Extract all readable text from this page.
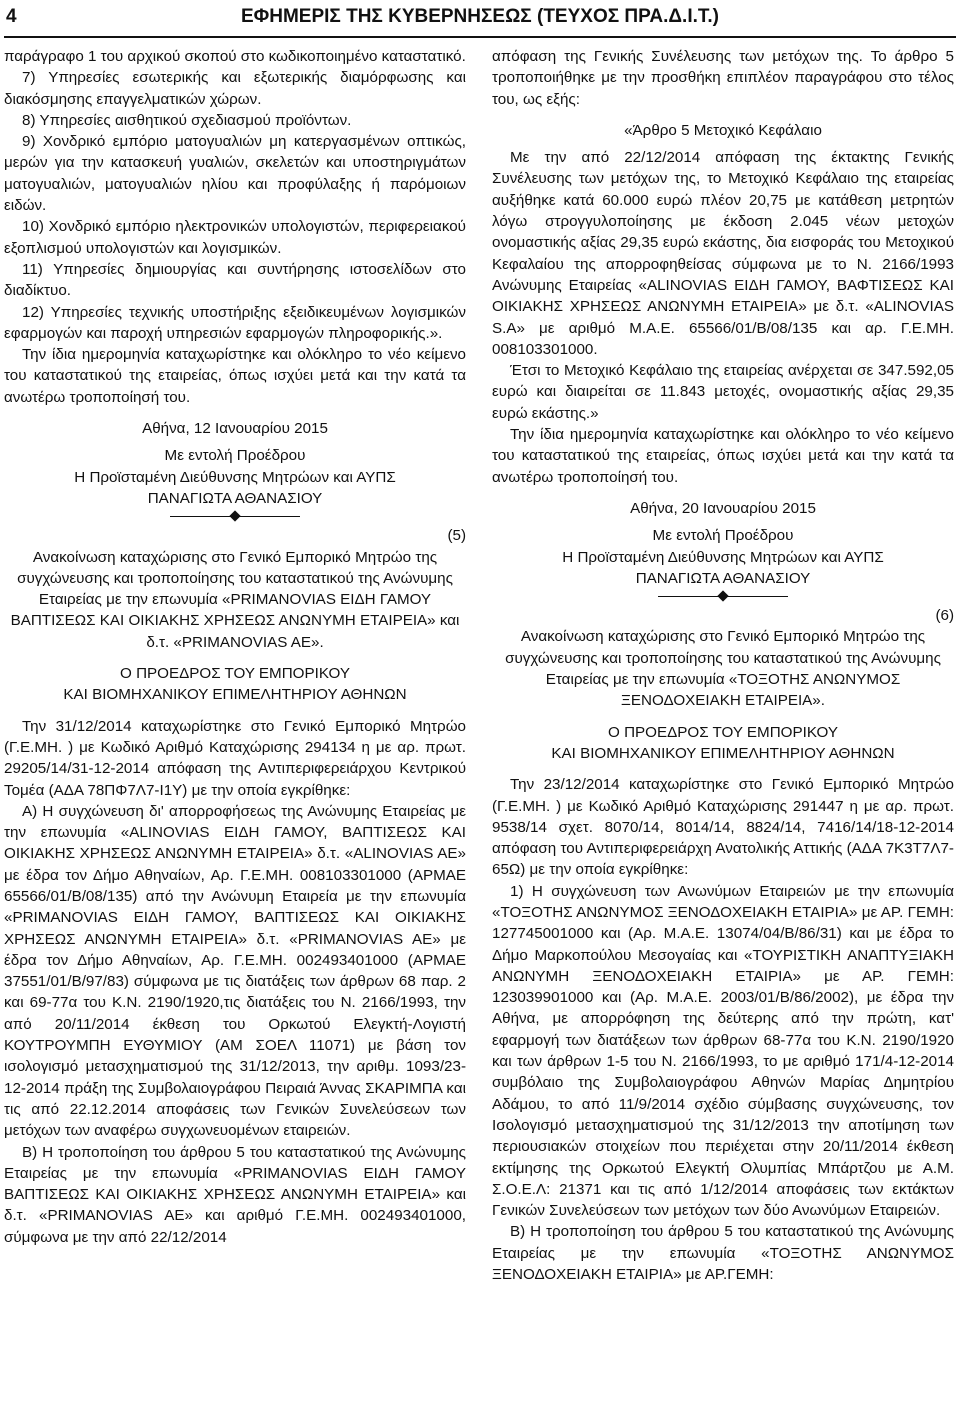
4	ΕΦΗΜΕΡΙΣ ΤΗΣ ΚΥΒΕΡΝΗΣΕΩΣ (ΤΕΥΧΟΣ ΠΡΑ.Δ.Ι.Τ.)

παράγραφο 1 του αρχικού σκοπού στο κωδικοποιημένο καταστατικό.

7) Υπηρεσίες εσωτερικής και εξωτερικής διαμόρφωσης και διακόσμησης επαγγελματικών χώρων.

8) Υπηρεσίες αισθητικού σχεδιασμού προϊόντων.

9) Χονδρικό εμπόριο ματογυαλιών μη κατεργασμένων οπτικώς, μερών για την κατασκευή γυαλιών, σκελετών και υποστηριγμάτων ματογυαλιών, ματογυαλιών ηλίου και προφύλαξης ή παρόμοιων ειδών.

10) Χονδρικό εμπόριο ηλεκτρονικών υπολογιστών, περιφερειακού εξοπλισμού υπολογιστών και λογισμικών.

11) Υπηρεσίες δημιουργίας και συντήρησης ιστοσελίδων στο διαδίκτυο.

12) Υπηρεσίες τεχνικής υποστήριξης εξειδικευμένων λογισμικών εφαρμογών και παροχή υπηρεσιών εφαρμογών πληροφορικής.».

Την ίδια ημερομηνία καταχωρίστηκε και ολόκληρο το νέο κείμενο του καταστατικού της εταιρείας, όπως ισχύει μετά και την κατά τα ανωτέρω τροποποίησή του.

Αθήνα, 12 Ιανουαρίου 2015

Με εντολή Προέδρου

Η Προϊσταμένη Διεύθυνσης Μητρώων και ΑΥΠΣ

ΠΑΝΑΓΙΩΤΑ ΑΘΑΝΑΣΙΟΥ

(5)

Ανακοίνωση καταχώρισης στο Γενικό Εμπορικό Μητρώο της συγχώνευσης και τροποποίησης του καταστατικού της Ανώνυμης Εταιρείας με την επωνυμία «PRIMANOVIAS ΕΙΔΗ ΓΑΜΟΥ ΒΑΠΤΙΣΕΩΣ ΚΑΙ ΟΙΚΙΑΚΗΣ ΧΡΗΣΕΩΣ ΑΝΩΝΥΜΗ ΕΤΑΙΡΕΙΑ» και δ.τ. «PRIMANOVIAS AE».

Ο ΠΡΟΕΔΡΟΣ ΤΟΥ ΕΜΠΟΡΙΚΟΥ

ΚΑΙ ΒΙΟΜΗΧΑΝΙΚΟΥ ΕΠΙΜΕΛΗΤΗΡΙΟΥ ΑΘΗΝΩΝ

Την 31/12/2014 καταχωρίστηκε στο Γενικό Εμπορικό Μητρώο (Γ.Ε.ΜΗ. ) με Κωδικό Αριθμό Καταχώρισης 294134 η με αρ. πρωτ. 29205/14/31-12-2014 απόφαση της Αντιπεριφερειάρχου Κεντρικού Τομέα (ΑΔΑ 78ΠΦ7Λ7-Ι1Υ) με την οποία εγκρίθηκε:

Α) Η συγχώνευση δι' απορροφήσεως της Ανώνυμης Εταιρείας με την επωνυμία «ALINOVIAS ΕΙΔΗ ΓΑΜΟΥ, ΒΑΠΤΙΣΕΩΣ ΚΑΙ ΟΙΚΙΑΚΗΣ ΧΡΗΣΕΩΣ ΑΝΩΝΥΜΗ ΕΤΑΙΡΕΙΑ» δ.τ. «ALINOVIAS AE» με έδρα τον Δήμο Αθηναίων, Αρ. Γ.Ε.ΜΗ. 008103301000 (ΑΡΜΑΕ 65566/01/Β/08/135) από την Ανώνυμη Εταιρεία με την επωνυμία «PRIMANOVIAS ΕΙΔΗ ΓΑΜΟΥ, ΒΑΠΤΙΣΕΩΣ ΚΑΙ ΟΙΚΙΑΚΗΣ ΧΡΗΣΕΩΣ ΑΝΩΝΥΜΗ ΕΤΑΙΡΕΙΑ» δ.τ. «PRIMANOVIAS AE» με έδρα τον Δήμο Αθηναίων, Αρ. Γ.Ε.ΜΗ. 002493401000 (ΑΡΜΑΕ 37551/01/Β/97/83) σύμφωνα με τις διατάξεις των άρθρων 68 παρ. 2 και 69-77α του Κ.Ν. 2190/1920,τις διατάξεις του Ν. 2166/1993, την από 20/11/2014 έκθεση του Ορκωτού Ελεγκτή-Λογιστή ΚΟΥΤΡΟΥΜΠΗ ΕΥΘΥΜΙΟΥ (ΑΜ ΣΟΕΛ 11071) με βάση τον ισολογισμό μετασχηματισμού της 31/12/2013, την αριθμ. 1093/23-12-2014 πράξη της Συμβολαιογράφου Πειραιά Άννας ΣΚΑΡΙΜΠΑ και τις από 22.12.2014 αποφάσεις των Γενικών Συνελεύσεων των μετόχων των αναφέρω συγχωνευομένων εταιρειών.

Β) Η τροποποίηση του άρθρου 5 του καταστατικού της Ανώνυμης Εταιρείας με την επωνυμία «PRIMANOVIAS ΕΙΔΗ ΓΑΜΟΥ ΒΑΠΤΙΣΕΩΣ ΚΑΙ ΟΙΚΙΑΚΗΣ ΧΡΗΣΕΩΣ ΑΝΩΝΥΜΗ ΕΤΑΙΡΕΙΑ» και δ.τ. «PRIMANOVIAS AE» και αριθμό Γ.Ε.ΜΗ. 002493401000, σύμφωνα με την από 22/12/2014

απόφαση της Γενικής Συνέλευσης των μετόχων της. Το άρθρο 5 τροποποιήθηκε με την προσθήκη επιπλέον παραγράφου στο τέλος του, ως εξής:

«Άρθρο 5 Μετοχικό Κεφάλαιο

Με την από 22/12/2014 απόφαση της έκτακτης Γενικής Συνέλευσης των μετόχων της, το Μετοχικό Κεφάλαιο της εταιρείας αυξήθηκε κατά 60.000 ευρώ πλέον 20,75 με κατάθεση μετρητών λόγω στρογγυλοποίησης με έκδοση 2.045 νέων μετοχών ονομαστικής αξίας 29,35 ευρώ εκάστης, δια εισφοράς του Μετοχικού Κεφαλαίου της απορροφηθείσας σύμφωνα με το Ν. 2166/1993 Ανώνυμης Εταιρείας «ALINOVIAS ΕΙΔΗ ΓΑΜΟΥ, ΒΑΦΤΙΣΕΩΣ ΚΑΙ ΟΙΚΙΑΚΗΣ ΧΡΗΣΕΩΣ ΑΝΩΝΥΜΗ ΕΤΑΙΡΕΙΑ» με δ.τ. «ALINOVIAS S.A» με αριθμό Μ.Α.Ε. 65566/01/Β/08/135 και αρ. Γ.Ε.ΜΗ. 008103301000.

Έτσι το Μετοχικό Κεφάλαιο της εταιρείας ανέρχεται σε 347.592,05 ευρώ και διαιρείται σε 11.843 μετοχές, ονομαστικής αξίας 29,35 ευρώ εκάστης.»

Την ίδια ημερομηνία καταχωρίστηκε και ολόκληρο το νέο κείμενο του καταστατικού της εταιρείας, όπως ισχύει μετά και την κατά τα ανωτέρω τροποποίησή του.

Αθήνα, 20 Ιανουαρίου 2015

Με εντολή Προέδρου

Η Προϊσταμένη Διεύθυνσης Μητρώων και ΑΥΠΣ

ΠΑΝΑΓΙΩΤΑ ΑΘΑΝΑΣΙΟΥ

(6)

Ανακοίνωση καταχώρισης στο Γενικό Εμπορικό Μητρώο της συγχώνευσης και τροποποίησης του καταστατικού της Ανώνυμης Εταιρείας με την επωνυμία «ΤΟΞΟΤΗΣ ΑΝΩΝΥΜΟΣ ΞΕΝΟΔΟΧΕΙΑΚΗ ΕΤΑΙΡΕΙΑ».

Ο ΠΡΟΕΔΡΟΣ ΤΟΥ ΕΜΠΟΡΙΚΟΥ

ΚΑΙ ΒΙΟΜΗΧΑΝΙΚΟΥ ΕΠΙΜΕΛΗΤΗΡΙΟΥ ΑΘΗΝΩΝ

Την 23/12/2014 καταχωρίστηκε στο Γενικό Εμπορικό Μητρώο (Γ.Ε.ΜΗ. ) με Κωδικό Αριθμό Καταχώρισης 291447 η με αρ. πρωτ. 9538/14 σχετ. 8070/14, 8014/14, 8824/14, 7416/14/18-12-2014 απόφαση του Αντιπεριφερειάρχη Ανατολικής Αττικής (ΑΔΑ 7Κ3Τ7Λ7-65Ω) με την οποία εγκρίθηκε:

1) Η συγχώνευση των Ανωνύμων Εταιρειών με την επωνυμία «ΤΟΞΟΤΗΣ ΑΝΩΝΥΜΟΣ ΞΕΝΟΔΟΧΕΙΑΚΗ ΕΤΑΙΡΙΑ» με ΑΡ. ΓΕΜΗ: 127745001000 και (Αρ. Μ.Α.Ε. 13074/04/Β/86/31) και με έδρα το Δήμο Μαρκοπούλου Μεσογαίας και «ΤΟΥΡΙΣΤΙΚΗ ΑΝΑΠΤΥΞΙΑΚΗ ΑΝΩΝΥΜΗ ΞΕΝΟΔΟΧΕΙΑΚΗ ΕΤΑΙΡΙΑ» με ΑΡ. ΓΕΜΗ: 123039901000 και (Αρ. Μ.Α.Ε. 2003/01/Β/86/2002), με έδρα την Αθήνα, με απορρόφηση της δεύτερης από την πρώτη, κατ' εφαρμογή των διατάξεων των άρθρων 68-77α του Κ.Ν. 2190/1920 και των άρθρων 1-5 του Ν. 2166/1993, το με αριθμό 171/4-12-2014 συμβόλαιο της Συμβολαιογράφου Αθηνών Μαρίας Δημητρίου Αδάμου, το από 11/9/2014 σχέδιο σύμβασης συγχώνευσης, τον Ισολογισμό μετασχηματισμού της 31/12/2013 την αποτίμηση των περιουσιακών στοιχείων που περιέχεται στην 20/11/2014 έκθεση εκτίμησης της Ορκωτού Ελεγκτή Ολυμπίας Μπάρτζου με Α.Μ. Σ.Ο.Ε.Λ: 21371 και τις από 1/12/2014 αποφάσεις των εκτάκτων Γενικών Συνελεύσεων των μετόχων των δύο Ανωνύμων Εταιρειών.

Β) Η τροποποίηση του άρθρου 5 του καταστατικού της Ανώνυμης Εταιρείας με την επωνυμία «ΤΟΞΟΤΗΣ ΑΝΩΝΥΜΟΣ ΞΕΝΟΔΟΧΕΙΑΚΗ ΕΤΑΙΡΙΑ» με ΑΡ.ΓΕΜΗ:
